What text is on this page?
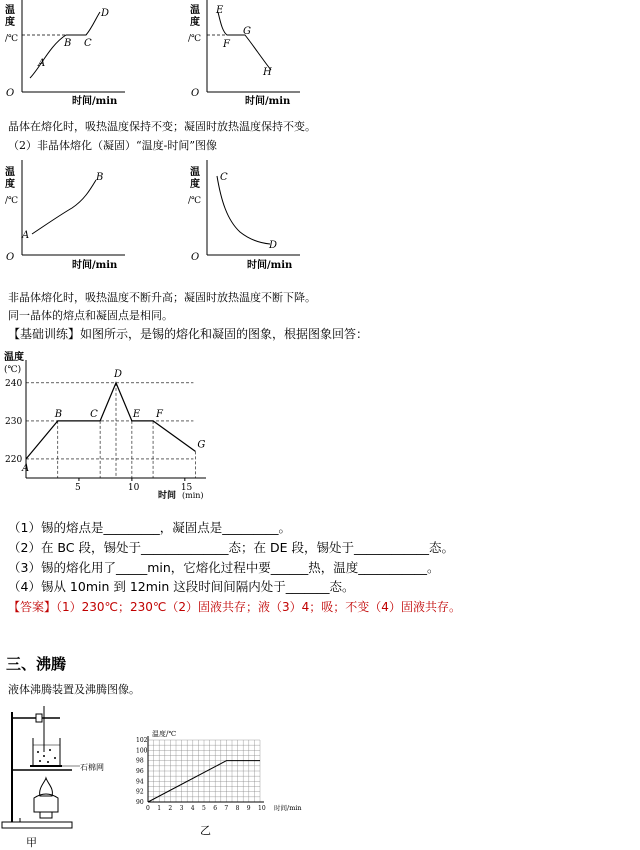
温
度
/℃
O
时间/min
A
B C
D	温
度
/℃
O
时间/min
E
F
G
H
晶体在熔化时，吸热温度保持不变；凝固时放热温度保持不变。
（2）非晶体熔化（凝固）“温度-时间”图像
温
度
/℃
O
时间/min
A
B	温
度
/℃
O
时间/min
C
D
非晶体熔化时，吸热温度不断升高；凝固时放热温度不断下降。
同一晶体的熔点和凝固点是相同。
【基础训练】如图所示，是锡的熔化和凝固的图象，根据图象回答：
温度
(℃)
220
230
240
5	10	15
A
B	C
D
E F
G
时间 (min)
（1）锡的熔点是_________，凝固点是_________。
（2）在 BC 段，锡处于______________态；在 DE 段，锡处于____________态。
（3）锡的熔化用了_____min，它熔化过程中要______热，温度___________。
（4）锡从 10min 到 12min 这段时间间隔内处于_______态。
【答案】（1）230℃；230℃（2）固液共存；液（3）4；吸；不变（4）固液共存。
三、沸腾
液体沸腾装置及沸腾图像。
石棉网
甲
温度/℃
90
92
94
96
98
100
102
0 1 2 3 4 5 6 7 8 9 10 时间/min
乙
